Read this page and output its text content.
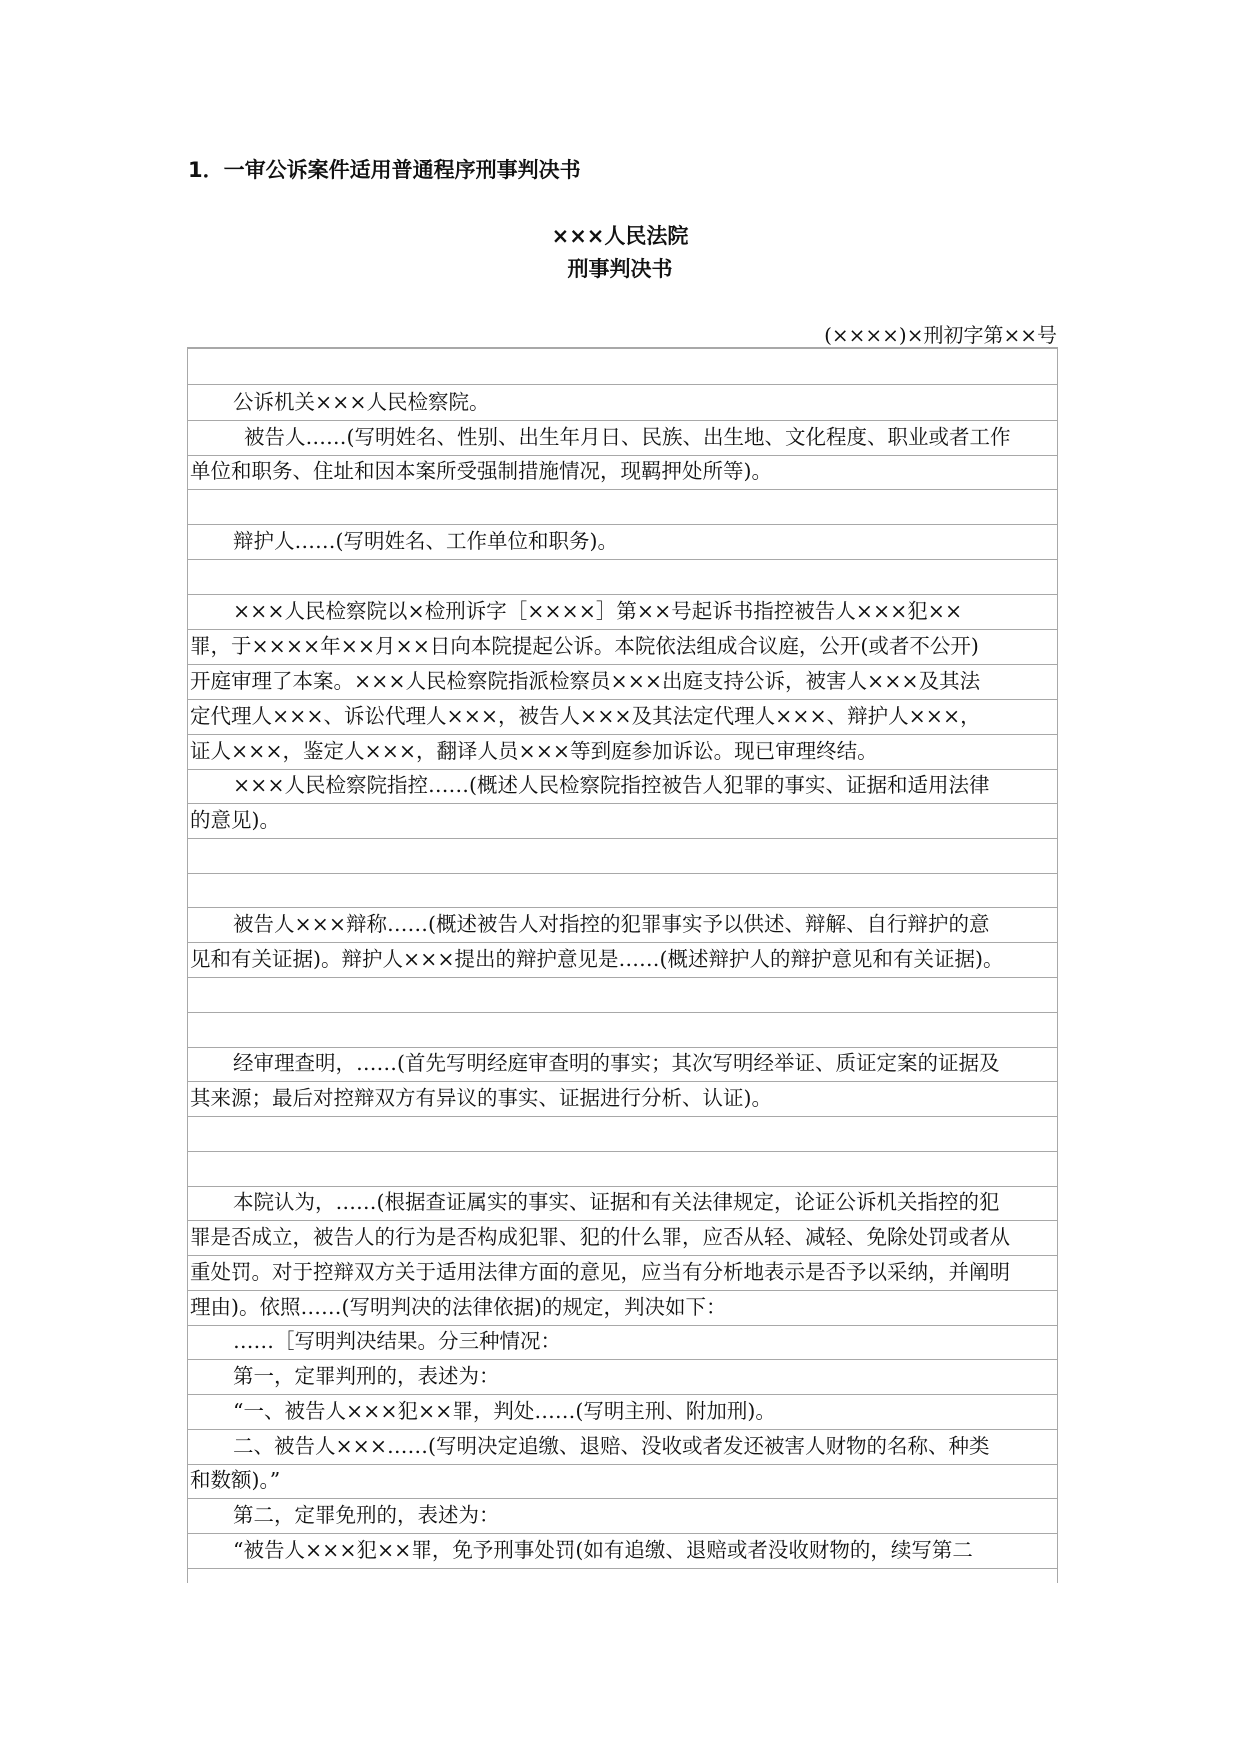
1．一审公诉案件适用普通程序刑事判决书
×××人民法院
刑事判决书
(××××)×刑初字第××号
公诉机关×××人民检察院。
被告人……(写明姓名、性别、出生年月日、民族、出生地、文化程度、职业或者工作
单位和职务、住址和因本案所受强制措施情况，现羁押处所等)。
辩护人……(写明姓名、工作单位和职务)。
×××人民检察院以×检刑诉字［××××］第××号起诉书指控被告人×××犯××
罪，于××××年××月××日向本院提起公诉。本院依法组成合议庭，公开(或者不公开)
开庭审理了本案。×××人民检察院指派检察员×××出庭支持公诉，被害人×××及其法
定代理人×××、诉讼代理人×××，被告人×××及其法定代理人×××、辩护人×××，
证人×××，鉴定人×××，翻译人员×××等到庭参加诉讼。现已审理终结。
×××人民检察院指控……(概述人民检察院指控被告人犯罪的事实、证据和适用法律
的意见)。
被告人×××辩称……(概述被告人对指控的犯罪事实予以供述、辩解、自行辩护的意
见和有关证据)。辩护人×××提出的辩护意见是……(概述辩护人的辩护意见和有关证据)。
经审理查明，……(首先写明经庭审查明的事实；其次写明经举证、质证定案的证据及
其来源；最后对控辩双方有异议的事实、证据进行分析、认证)。
本院认为，……(根据查证属实的事实、证据和有关法律规定，论证公诉机关指控的犯
罪是否成立，被告人的行为是否构成犯罪、犯的什么罪，应否从轻、减轻、免除处罚或者从
重处罚。对于控辩双方关于适用法律方面的意见，应当有分析地表示是否予以采纳，并阐明
理由)。依照……(写明判决的法律依据)的规定，判决如下：
……［写明判决结果。分三种情况：
第一，定罪判刑的，表述为：
“一、被告人×××犯××罪，判处……(写明主刑、附加刑)。
二、被告人×××……(写明决定追缴、退赔、没收或者发还被害人财物的名称、种类
和数额)。”
第二，定罪免刑的，表述为：
“被告人×××犯××罪，免予刑事处罚(如有追缴、退赔或者没收财物的，续写第二
